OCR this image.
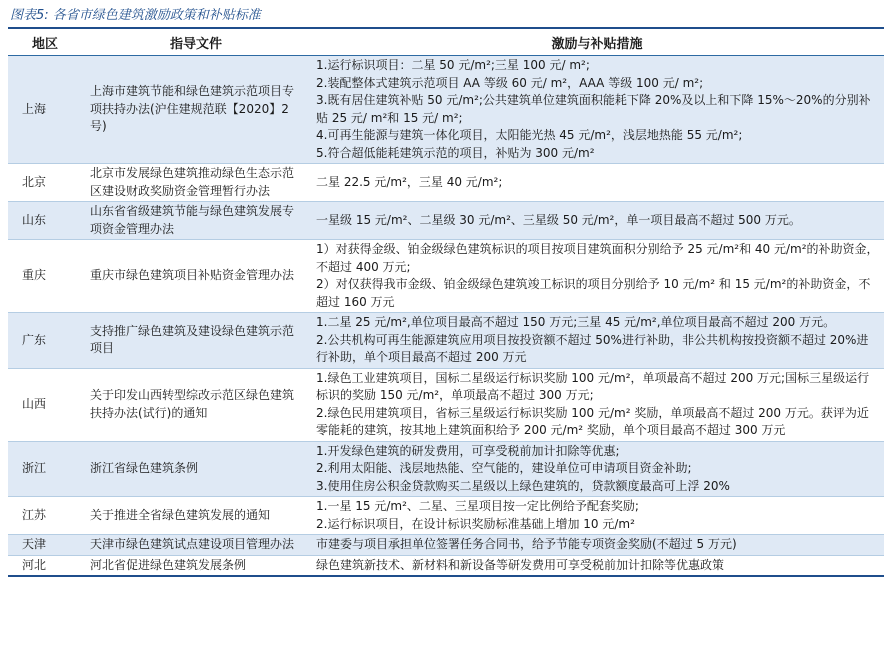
图表5: 各省市绿色建筑激励政策和补贴标准
地区	指导文件	激励与补贴措施
上海	上海市建筑节能和绿色建筑示范项目专项扶持办法(沪住建规范联【2020】2号)	1.运行标识项目：二星 50 元/m²;三星 100 元/ m²;
2.装配整体式建筑示范项目 AA 等级 60 元/ m²，AAA 等级 100 元/ m²;
3.既有居住建筑补贴 50 元/m²;公共建筑单位建筑面积能耗下降 20%及以上和下降 15%～20%的分别补贴 25 元/ m²和 15 元/ m²;
4.可再生能源与建筑一体化项目，太阳能光热 45 元/m²，浅层地热能 55 元/m²;
5.符合超低能耗建筑示范的项目，补贴为 300 元/m²

北京	北京市发展绿色建筑推动绿色生态示范区建设财政奖励资金管理暂行办法	二星 22.5 元/m²，三星 40 元/m²;

山东	山东省省级建筑节能与绿色建筑发展专项资金管理办法	一星级 15 元/m²、二星级 30 元/m²、三星级 50 元/m²，单一项目最高不超过 500 万元。

重庆	重庆市绿色建筑项目补贴资金管理办法	1）对获得金级、铂金级绿色建筑标识的项目按项目建筑面积分别给予 25 元/m²和 40 元/m²的补助资金，不超过 400 万元;
2）对仅获得我市金级、铂金级绿色建筑竣工标识的项目分别给予 10 元/m² 和 15 元/m²的补助资金，不超过 160 万元

广东	支持推广绿色建筑及建设绿色建筑示范项目	1.二星 25 元/m²,单位项目最高不超过 150 万元;三星 45 元/m²,单位项目最高不超过 200 万元。
2.公共机构可再生能源建筑应用项目按投资额不超过 50%进行补助，非公共机构按投资额不超过 20%进行补助，单个项目最高不超过 200 万元

山西	关于印发山西转型综改示范区绿色建筑扶持办法(试行)的通知	1.绿色工业建筑项目，国标二星级运行标识奖励 100 元/m²，单项最高不超过 200 万元;国标三星级运行标识的奖励 150 元/m²，单项最高不超过 300 万元;
2.绿色民用建筑项目，省标三星级运行标识奖励 100 元/m² 奖励，单项最高不超过 200 万元。获评为近零能耗的建筑，按其地上建筑面积给予 200 元/m² 奖励，单个项目最高不超过 300 万元

浙江	浙江省绿色建筑条例	1.开发绿色建筑的研发费用，可享受税前加计扣除等优惠;
2.利用太阳能、浅层地热能、空气能的，建设单位可申请项目资金补助;
3.使用住房公积金贷款购买二星级以上绿色建筑的，贷款额度最高可上浮 20%

江苏	关于推进全省绿色建筑发展的通知	1.一星 15 元/m²、二星、三星项目按一定比例给予配套奖励;
2.运行标识项目，在设计标识奖励标准基础上增加 10 元/m²

天津	天津市绿色建筑试点建设项目管理办法	市建委与项目承担单位签署任务合同书，给予节能专项资金奖励(不超过 5 万元)

河北	河北省促进绿色建筑发展条例	绿色建筑新技术、新材料和新设备等研发费用可享受税前加计扣除等优惠政策
